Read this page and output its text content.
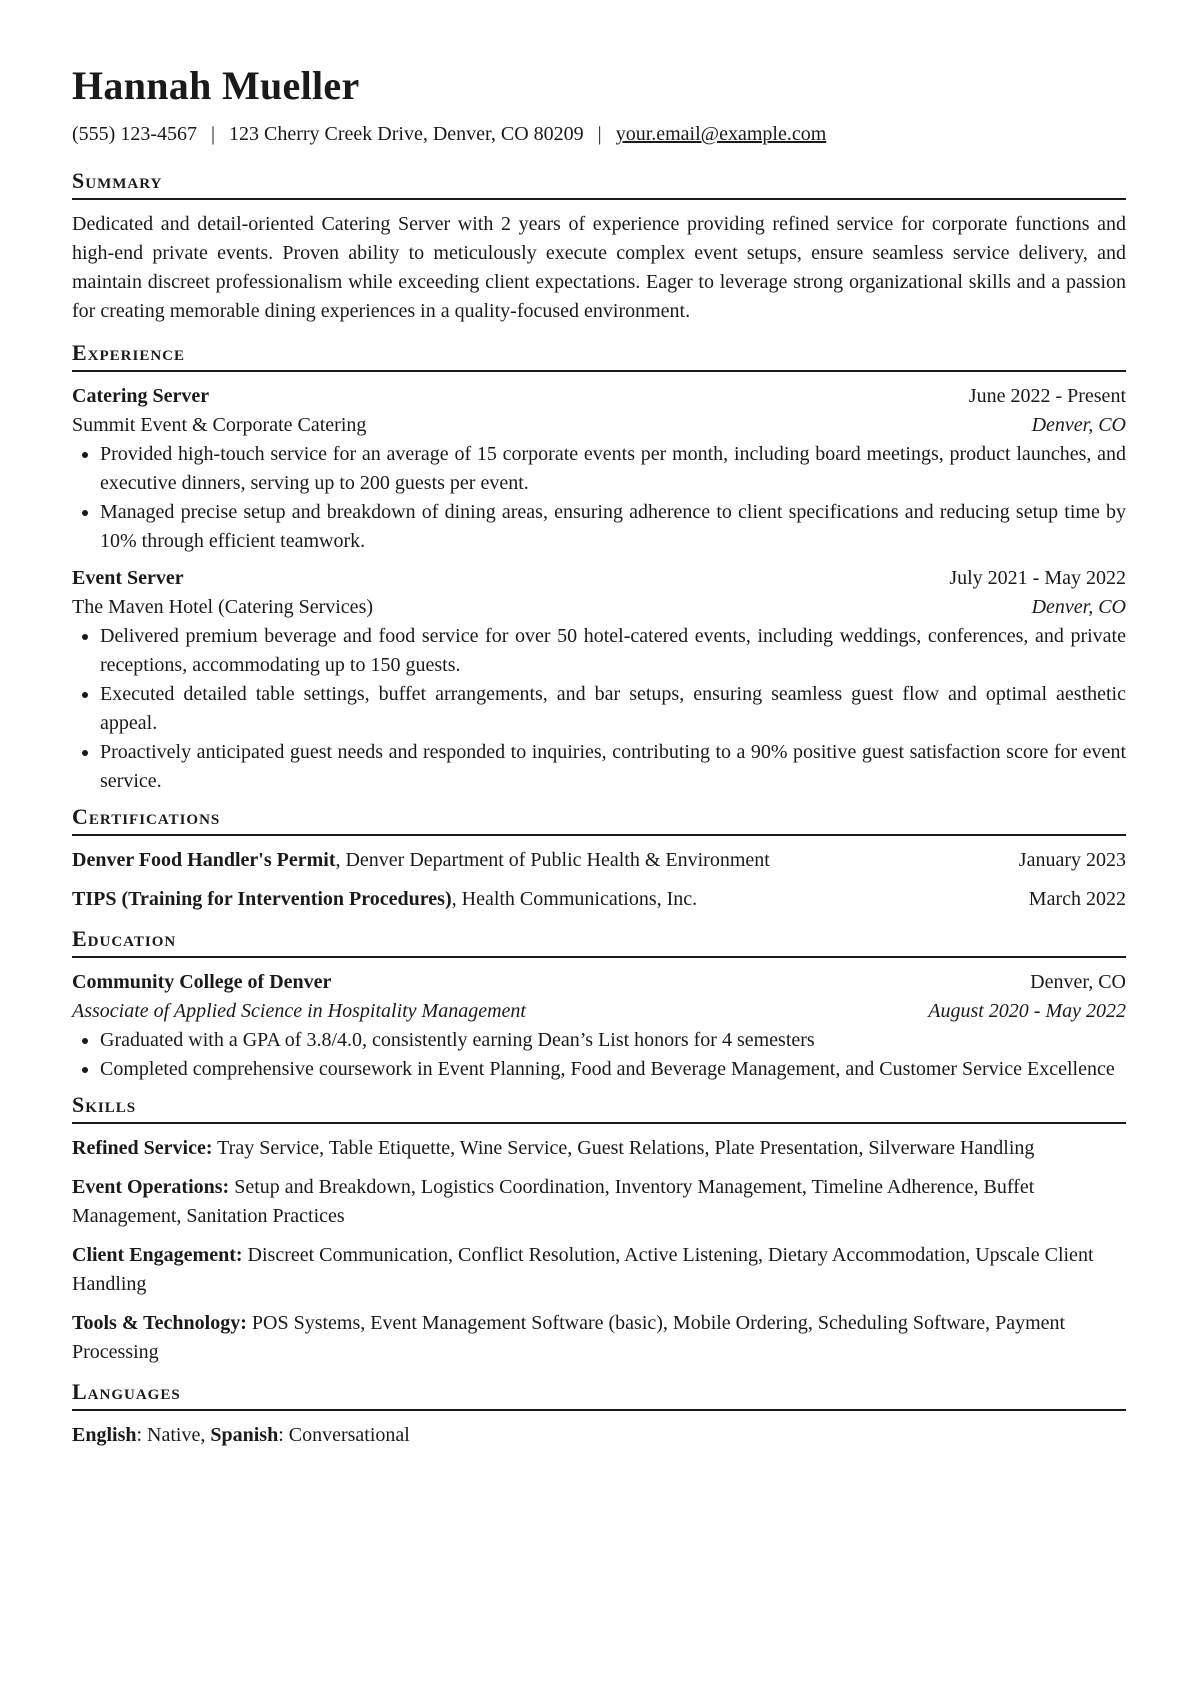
Hannah Mueller
(555) 123-4567 | 123 Cherry Creek Drive, Denver, CO 80209 | your.email@example.com
Summary
Dedicated and detail-oriented Catering Server with 2 years of experience providing refined service for corporate functions and high-end private events. Proven ability to meticulously execute complex event setups, ensure seamless service delivery, and maintain discreet professionalism while exceeding client expectations. Eager to leverage strong organizational skills and a passion for creating memorable dining experiences in a quality-focused environment.
Experience
Catering Server	June 2022 - Present
Summit Event & Corporate Catering	Denver, CO
• Provided high-touch service for an average of 15 corporate events per month, including board meetings, product launches, and executive dinners, serving up to 200 guests per event.
• Managed precise setup and breakdown of dining areas, ensuring adherence to client specifications and reducing setup time by 10% through efficient teamwork.
Event Server	July 2021 - May 2022
The Maven Hotel (Catering Services)	Denver, CO
• Delivered premium beverage and food service for over 50 hotel-catered events, including weddings, conferences, and private receptions, accommodating up to 150 guests.
• Executed detailed table settings, buffet arrangements, and bar setups, ensuring seamless guest flow and optimal aesthetic appeal.
• Proactively anticipated guest needs and responded to inquiries, contributing to a 90% positive guest satisfaction score for event service.
Certifications
Denver Food Handler's Permit, Denver Department of Public Health & Environment	January 2023
TIPS (Training for Intervention Procedures), Health Communications, Inc.	March 2022
Education
Community College of Denver	Denver, CO
Associate of Applied Science in Hospitality Management	August 2020 - May 2022
• Graduated with a GPA of 3.8/4.0, consistently earning Dean’s List honors for 4 semesters
• Completed comprehensive coursework in Event Planning, Food and Beverage Management, and Customer Service Excellence
Skills
Refined Service: Tray Service, Table Etiquette, Wine Service, Guest Relations, Plate Presentation, Silverware Handling
Event Operations: Setup and Breakdown, Logistics Coordination, Inventory Management, Timeline Adherence, Buffet Management, Sanitation Practices
Client Engagement: Discreet Communication, Conflict Resolution, Active Listening, Dietary Accommodation, Upscale Client Handling
Tools & Technology: POS Systems, Event Management Software (basic), Mobile Ordering, Scheduling Software, Payment Processing
Languages
English: Native, Spanish: Conversational
